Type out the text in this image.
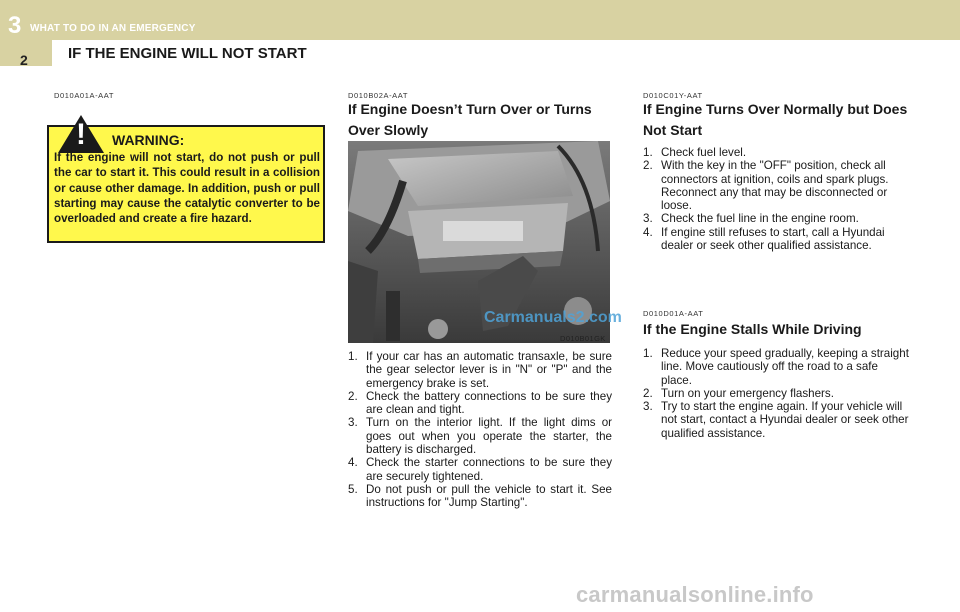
3 WHAT TO DO IN AN EMERGENCY
2	IF THE ENGINE WILL NOT START
D010A01A-AAT
! WARNING:
If the engine will not start, do not push or pull the car to start it. This could result in a collision or cause other damage. In addition, push or pull starting may cause the catalytic converter to be overloaded and create a fire hazard.
D010B02A-AAT
If Engine Doesn’t Turn Over or Turns Over Slowly
Carmanuals2.com
D010B01GK
1. If your car has an automatic transaxle, be sure the gear selector lever is in "N" or "P" and the emergency brake is set.
2. Check the battery connections to be sure they are clean and tight.
3. Turn on the interior light. If the light dims or goes out when you operate the starter, the battery is discharged.
4. Check the starter connections to be sure they are securely tightened.
5. Do not push or pull the vehicle to start it. See instructions for "Jump Starting".
D010C01Y-AAT
If Engine Turns Over Normally but Does Not Start
1. Check fuel level.
2. With the key in the "OFF" position, check all connectors at ignition, coils and spark plugs. Reconnect any that may be disconnected or loose.
3. Check the fuel line in the engine room.
4. If engine still refuses to start, call a Hyundai dealer or seek other qualified assistance.
D010D01A-AAT
If the Engine Stalls While Driving
1. Reduce your speed gradually, keeping a straight line. Move cautiously off the road to a safe place.
2. Turn on your emergency flashers.
3. Try to start the engine again. If your vehicle will not start, contact a Hyundai dealer or seek other qualified assistance.
carmanualsonline.info
